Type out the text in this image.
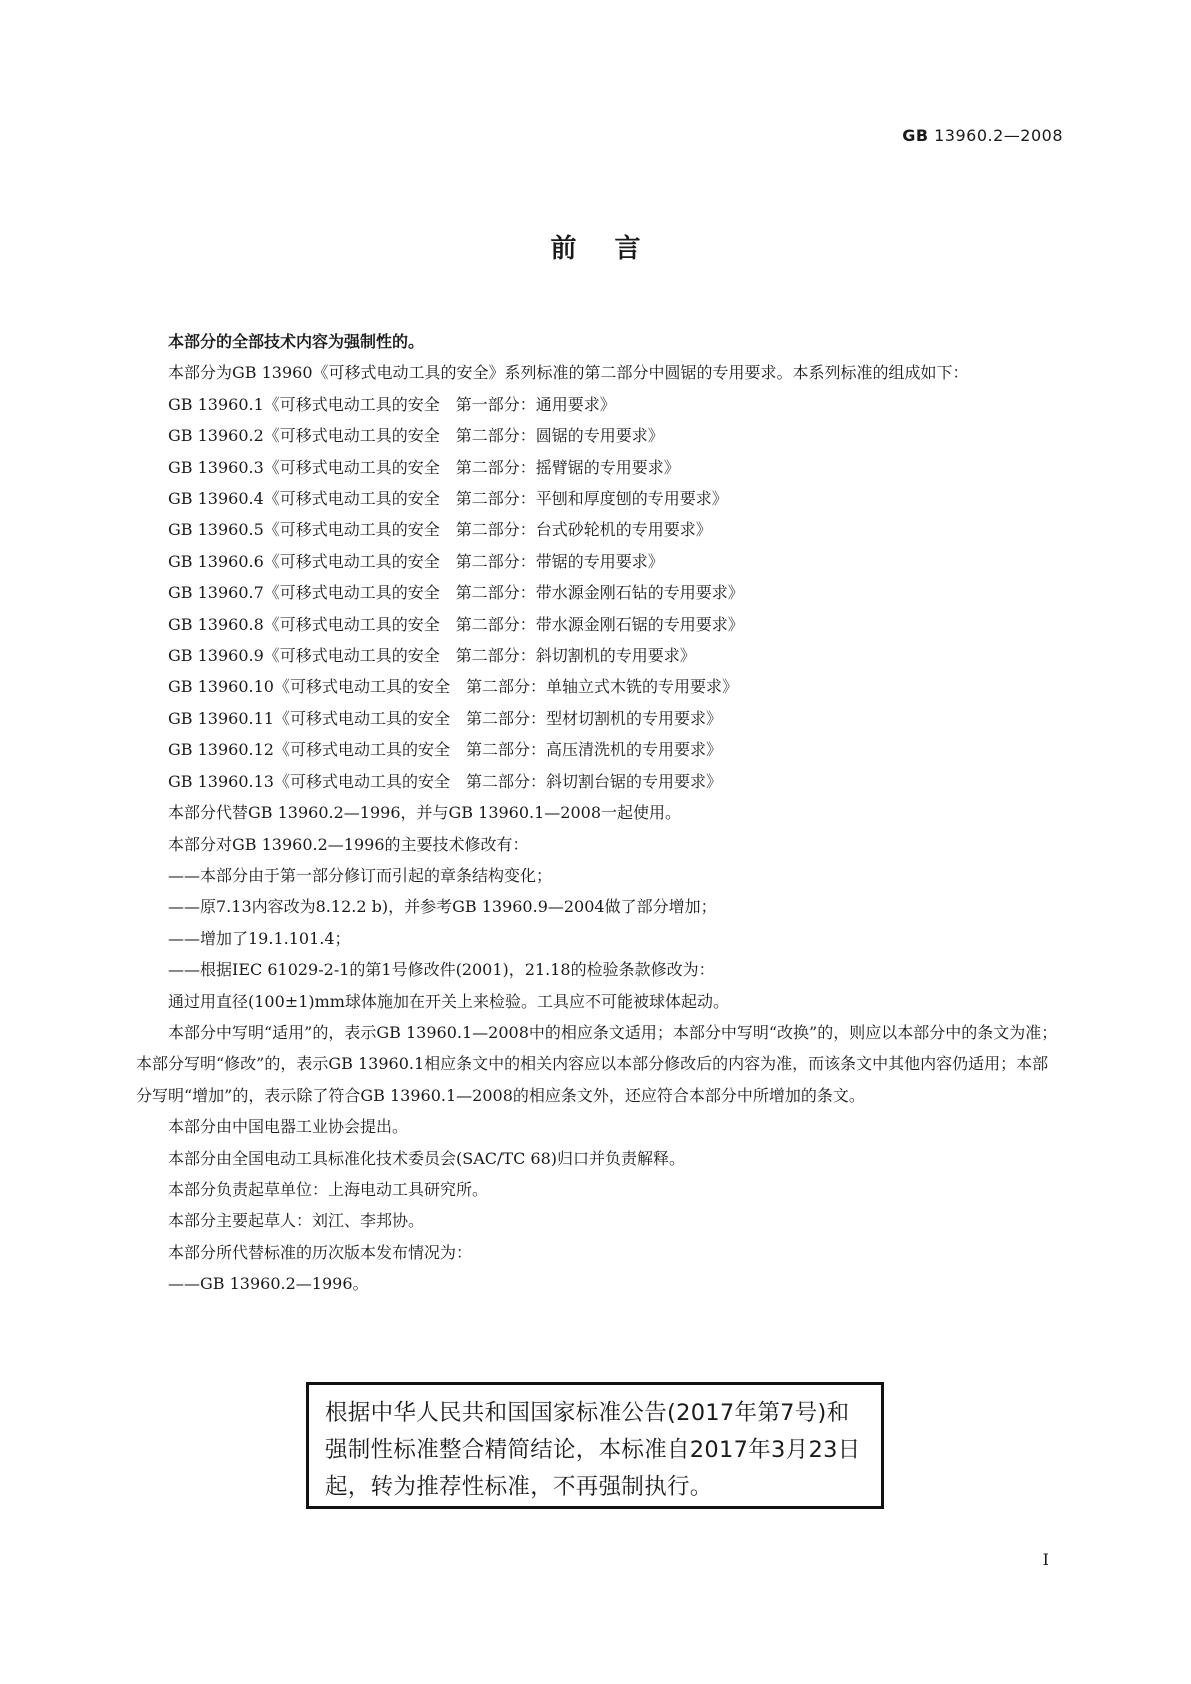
GB 13960.2—2008
前言

本部分的全部技术内容为强制性的。

本部分为GB 13960《可移式电动工具的安全》系列标准的第二部分中圆锯的专用要求。本系列标准的组成如下：

GB 13960.1《可移式电动工具的安全　第一部分：通用要求》

GB 13960.2《可移式电动工具的安全　第二部分：圆锯的专用要求》

GB 13960.3《可移式电动工具的安全　第二部分：摇臂锯的专用要求》

GB 13960.4《可移式电动工具的安全　第二部分：平刨和厚度刨的专用要求》

GB 13960.5《可移式电动工具的安全　第二部分：台式砂轮机的专用要求》

GB 13960.6《可移式电动工具的安全　第二部分：带锯的专用要求》

GB 13960.7《可移式电动工具的安全　第二部分：带水源金刚石钻的专用要求》

GB 13960.8《可移式电动工具的安全　第二部分：带水源金刚石锯的专用要求》

GB 13960.9《可移式电动工具的安全　第二部分：斜切割机的专用要求》

GB 13960.10《可移式电动工具的安全　第二部分：单轴立式木铣的专用要求》

GB 13960.11《可移式电动工具的安全　第二部分：型材切割机的专用要求》

GB 13960.12《可移式电动工具的安全　第二部分：高压清洗机的专用要求》

GB 13960.13《可移式电动工具的安全　第二部分：斜切割台锯的专用要求》

本部分代替GB 13960.2—1996，并与GB 13960.1—2008一起使用。

本部分对GB 13960.2—1996的主要技术修改有：

——本部分由于第一部分修订而引起的章条结构变化；

——原7.13内容改为8.12.2 b)，并参考GB 13960.9—2004做了部分增加；

——增加了19.1.101.4；

——根据IEC 61029-2-1的第1号修改件(2001)，21.18的检验条款修改为：

通过用直径(100±1)mm球体施加在开关上来检验。工具应不可能被球体起动。

本部分中写明“适用”的，表示GB 13960.1—2008中的相应条文适用；本部分中写明“改换”的，则应以本部分中的条文为准；本部分写明“修改”的，表示GB 13960.1相应条文中的相关内容应以本部分修改后的内容为准，而该条文中其他内容仍适用；本部分写明“增加”的，表示除了符合GB 13960.1—2008的相应条文外，还应符合本部分中所增加的条文。

本部分由中国电器工业协会提出。

本部分由全国电动工具标准化技术委员会(SAC/TC 68)归口并负责解释。

本部分负责起草单位：上海电动工具研究所。

本部分主要起草人：刘江、李邦协。

本部分所代替标准的历次版本发布情况为：

——GB 13960.2—1996。

根据中华人民共和国国家标准公告(2017年第7号)和强制性标准整合精简结论，本标准自2017年3月23日起，转为推荐性标准，不再强制执行。
I
